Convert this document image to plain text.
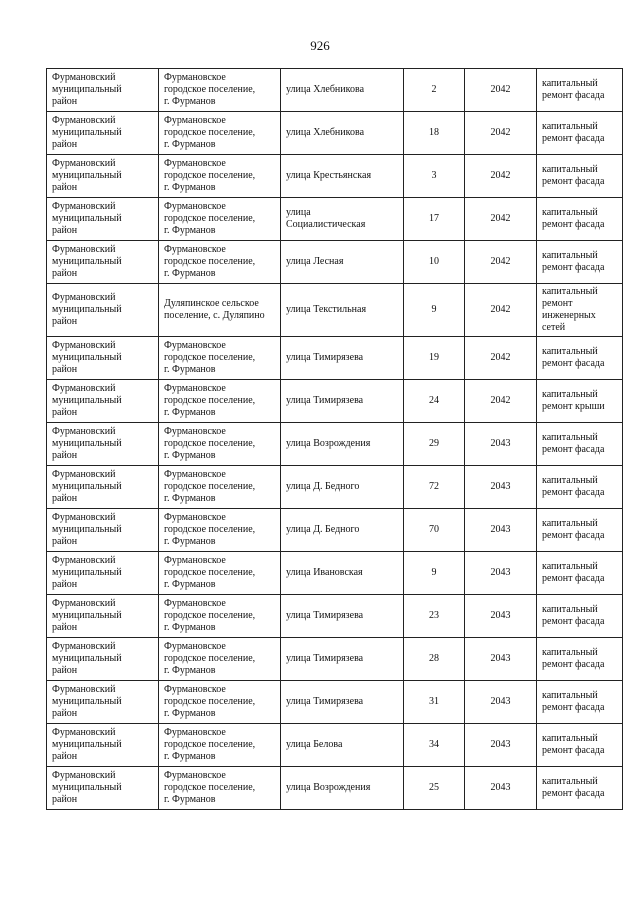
926
Фурмановский
муниципальный
район	Фурмановское
городское поселение,
г. Фурманов	улица Хлебникова	2	2042	капитальный
ремонт фасада
Фурмановский
муниципальный
район	Фурмановское
городское поселение,
г. Фурманов	улица Хлебникова	18	2042	капитальный
ремонт фасада
Фурмановский
муниципальный
район	Фурмановское
городское поселение,
г. Фурманов	улица Крестьянская	3	2042	капитальный
ремонт фасада
Фурмановский
муниципальный
район	Фурмановское
городское поселение,
г. Фурманов	улица
Социалистическая	17	2042	капитальный
ремонт фасада
Фурмановский
муниципальный
район	Фурмановское
городское поселение,
г. Фурманов	улица Лесная	10	2042	капитальный
ремонт фасада
Фурмановский
муниципальный
район	Дуляпинское сельское
поселение, с. Дуляпино	улица Текстильная	9	2042	капитальный
ремонт
инженерных
сетей
Фурмановский
муниципальный
район	Фурмановское
городское поселение,
г. Фурманов	улица Тимирязева	19	2042	капитальный
ремонт фасада
Фурмановский
муниципальный
район	Фурмановское
городское поселение,
г. Фурманов	улица Тимирязева	24	2042	капитальный
ремонт крыши
Фурмановский
муниципальный
район	Фурмановское
городское поселение,
г. Фурманов	улица Возрождения	29	2043	капитальный
ремонт фасада
Фурмановский
муниципальный
район	Фурмановское
городское поселение,
г. Фурманов	улица Д. Бедного	72	2043	капитальный
ремонт фасада
Фурмановский
муниципальный
район	Фурмановское
городское поселение,
г. Фурманов	улица Д. Бедного	70	2043	капитальный
ремонт фасада
Фурмановский
муниципальный
район	Фурмановское
городское поселение,
г. Фурманов	улица Ивановская	9	2043	капитальный
ремонт фасада
Фурмановский
муниципальный
район	Фурмановское
городское поселение,
г. Фурманов	улица Тимирязева	23	2043	капитальный
ремонт фасада
Фурмановский
муниципальный
район	Фурмановское
городское поселение,
г. Фурманов	улица Тимирязева	28	2043	капитальный
ремонт фасада
Фурмановский
муниципальный
район	Фурмановское
городское поселение,
г. Фурманов	улица Тимирязева	31	2043	капитальный
ремонт фасада
Фурмановский
муниципальный
район	Фурмановское
городское поселение,
г. Фурманов	улица Белова	34	2043	капитальный
ремонт фасада
Фурмановский
муниципальный
район	Фурмановское
городское поселение,
г. Фурманов	улица Возрождения	25	2043	капитальный
ремонт фасада
